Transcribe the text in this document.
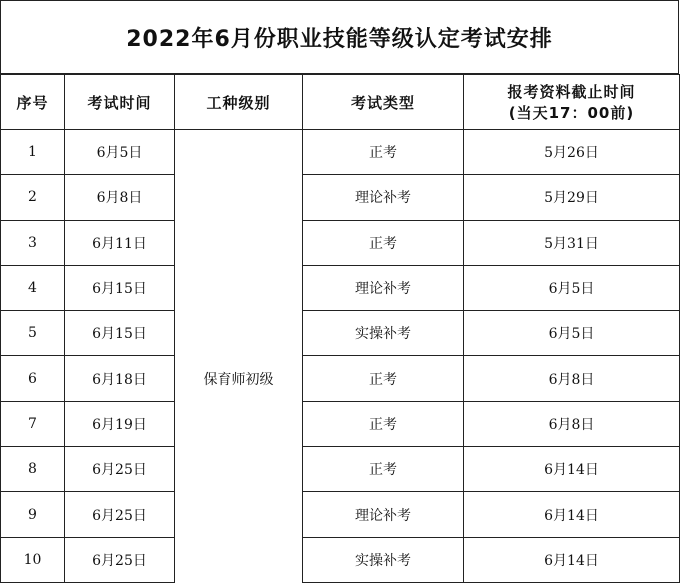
2022年6月份职业技能等级认定考试安排
序号	考试时间	工种级别	考试类型	报考资料截止时间
(当天17：00前)

1	6月5日	保育师初级	正考	5月26日
2	6月8日		理论补考	5月29日
3	6月11日		正考	5月31日
4	6月15日		理论补考	6月5日
5	6月15日		实操补考	6月5日
6	6月18日		正考	6月8日
7	6月19日		正考	6月8日
8	6月25日		正考	6月14日
9	6月25日		理论补考	6月14日
10	6月25日		实操补考	6月14日
